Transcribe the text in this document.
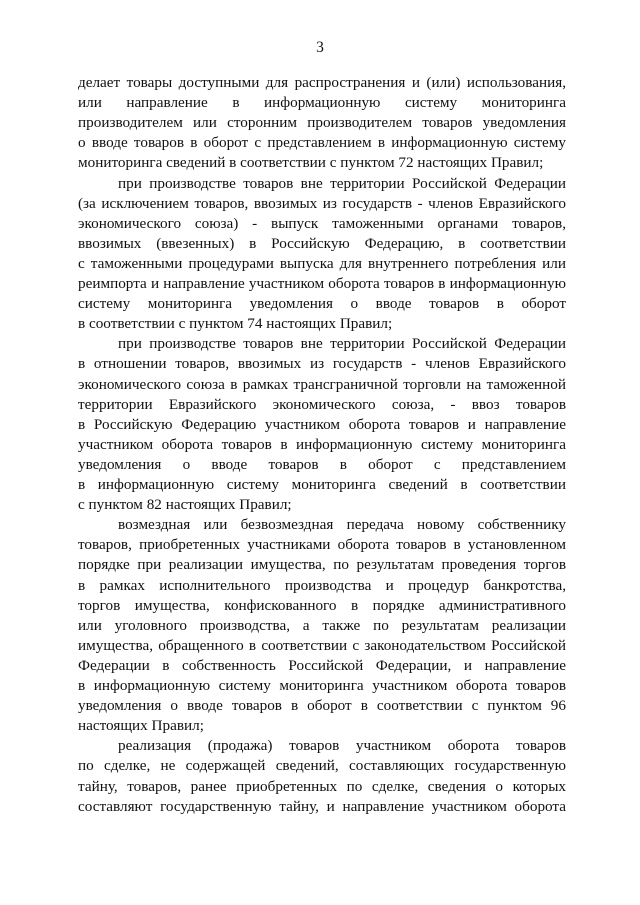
3
делает товары доступными для распространения и (или) использования,
или направление в информационную систему мониторинга
производителем или сторонним производителем товаров уведомления
о вводе товаров в оборот с представлением в информационную систему
мониторинга сведений в соответствии с пунктом 72 настоящих Правил;
при производстве товаров вне территории Российской Федерации
(за исключением товаров, ввозимых из государств - членов Евразийского
экономического союза) - выпуск таможенными органами товаров,
ввозимых (ввезенных) в Российскую Федерацию, в соответствии
с таможенными процедурами выпуска для внутреннего потребления или
реимпорта и направление участником оборота товаров в информационную
систему мониторинга уведомления о вводе товаров в оборот
в соответствии с пунктом 74 настоящих Правил;
при производстве товаров вне территории Российской Федерации
в отношении товаров, ввозимых из государств - членов Евразийского
экономического союза в рамках трансграничной торговли на таможенной
территории Евразийского экономического союза, - ввоз товаров
в Российскую Федерацию участником оборота товаров и направление
участником оборота товаров в информационную систему мониторинга
уведомления о вводе товаров в оборот с представлением
в информационную систему мониторинга сведений в соответствии
с пунктом 82 настоящих Правил;
возмездная или безвозмездная передача новому собственнику
товаров, приобретенных участниками оборота товаров в установленном
порядке при реализации имущества, по результатам проведения торгов
в рамках исполнительного производства и процедур банкротства,
торгов имущества, конфискованного в порядке административного
или уголовного производства, а также по результатам реализации
имущества, обращенного в соответствии с законодательством Российской
Федерации в собственность Российской Федерации, и направление
в информационную систему мониторинга участником оборота товаров
уведомления о вводе товаров в оборот в соответствии с пунктом 96
настоящих Правил;
реализация (продажа) товаров участником оборота товаров
по сделке, не содержащей сведений, составляющих государственную
тайну, товаров, ранее приобретенных по сделке, сведения о которых
составляют государственную тайну, и направление участником оборота
